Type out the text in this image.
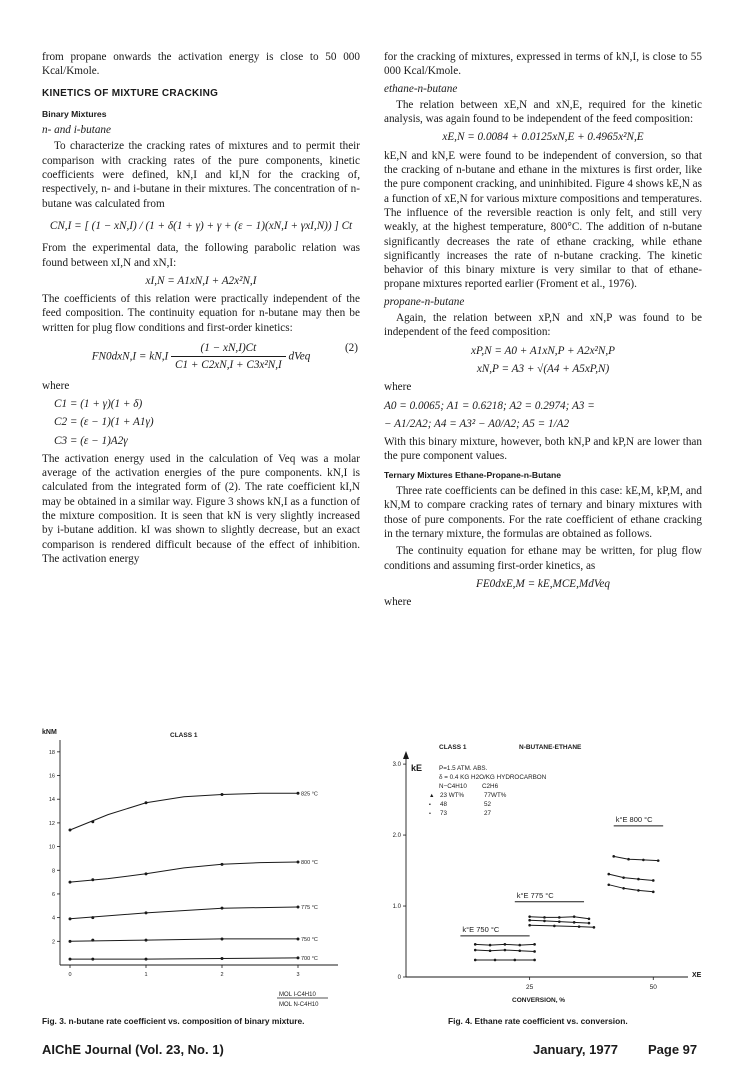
from propane onwards the activation energy is close to 50 000 Kcal/Kmole.

KINETICS OF MIXTURE CRACKING
Binary Mixtures
n- and i-butane

To characterize the cracking rates of mixtures and to permit their comparison with cracking rates of the pure components, kinetic coefficients were defined, kN,I and kI,N for the cracking of, respectively, n- and i-butane in their mixtures. The concentration of n-butane was calculated from

CN,I = [ (1 − xN,I) / (1 + δ(1 + γ) + γ + (ε − 1)(xN,I + γxI,N)) ] Ct

From the experimental data, the following parabolic relation was found between xI,N and xN,I:

xI,N = A1xN,I + A2x²N,I

The coefficients of this relation were practically independent of the feed composition. The continuity equation for n-butane may then be written for plug flow conditions and first-order kinetics:

$FN0dxN,I = kN,I \frac{(1 - xN,I)Ct}{\text{C1 + C2xN,I + C3x²N,I}}$ dVeq
(2)
where
C1 = (1 + γ)(1 + δ)
C2 = (ε − 1)(1 + A1γ)
C3 = (ε − 1)A2γ

The activation energy used in the calculation of Veq was a molar average of the activation energies of the pure components. kN,I is calculated from the integrated form of (2). The rate coefficient kI,N may be obtained in a similar way. Figure 3 shows kN,I as a function of the mixture composition. It is seen that kN is very slightly increased by i-butane addition. kI was shown to slightly decrease, but an exact comparison is rendered difficult because of the effect of inhibition. The activation energy

for the cracking of mixtures, expressed in terms of kN,I, is close to 55 000 Kcal/Kmole.

ethane-n-butane

The relation between xE,N and xN,E, required for the kinetic analysis, was again found to be independent of the feed composition:

xE,N = 0.0084 + 0.0125xN,E + 0.4965x²N,E

kE,N and kN,E were found to be independent of conversion, so that the cracking of n-butane and ethane in the mixtures is first order, like the pure component cracking, and uninhibited. Figure 4 shows kE,N as a function of xE,N for various mixture compositions and temperatures. The influence of the reversible reaction is only felt, and still very weakly, at the highest temperature, 800°C. The addition of n-butane significantly decreases the rate of ethane cracking, while ethane significantly increases the rate of n-butane cracking. The kinetic behavior of this binary mixture is very similar to that of ethane-propane mixtures reported earlier (Froment et al., 1976).

propane-n-butane

Again, the relation between xP,N and xN,P was found to be independent of the feed composition:

xP,N = A0 + A1xN,P + A2x²N,P
xN,P = A3 + √(A4 + A5xP,N)
where
A0 = 0.0065; A1 = 0.6218; A2 = 0.2974; A3 =
− A1/2A2; A4 = A3² − A0/A2; A5 = 1/A2

With this binary mixture, however, both kN,P and kP,N are lower than the pure component values.

Ternary Mixtures Ethane-Propane-n-Butane

Three rate coefficients can be defined in this case: kE,M, kP,M, and kN,M to compare cracking rates of ternary and binary mixtures with those of pure components. For the rate coefficient of ethane cracking in the ternary mixture, the formulas are obtained as follows.

The continuity equation for ethane may be written, for plug flow conditions and assuming first-order kinetics, as

FE0dxE,M = kE,MCE,MdVeq
where
kNM	CLASS 1
MOL I-C4H10
MOL N-C4H10
18
16
14
12
10
8
6
4
2
0	1	2	3
825 °C
800 °C
775 °C
750 °C
700 °C
Fig. 3. n-butane rate coefficient vs. composition of binary mixture.
kE
CLASS 1	N-BUTANE-ETHANE
P=1.5 ATM. ABS.
δ = 0.4 KG H2O/KG HYDROCARBON
N−C4H10 C2H6
▲ 23 WT%	77WT%
▪ 48	52
• 73	27
XE
CONVERSION, %
3.0
2.0
1.0
0
25	50
k°E 800 °C
k°E 775 °C
k°E 750 °C
Fig. 4. Ethane rate coefficient vs. conversion.
AIChE Journal (Vol. 23, No. 1)	January, 1977 Page 97
